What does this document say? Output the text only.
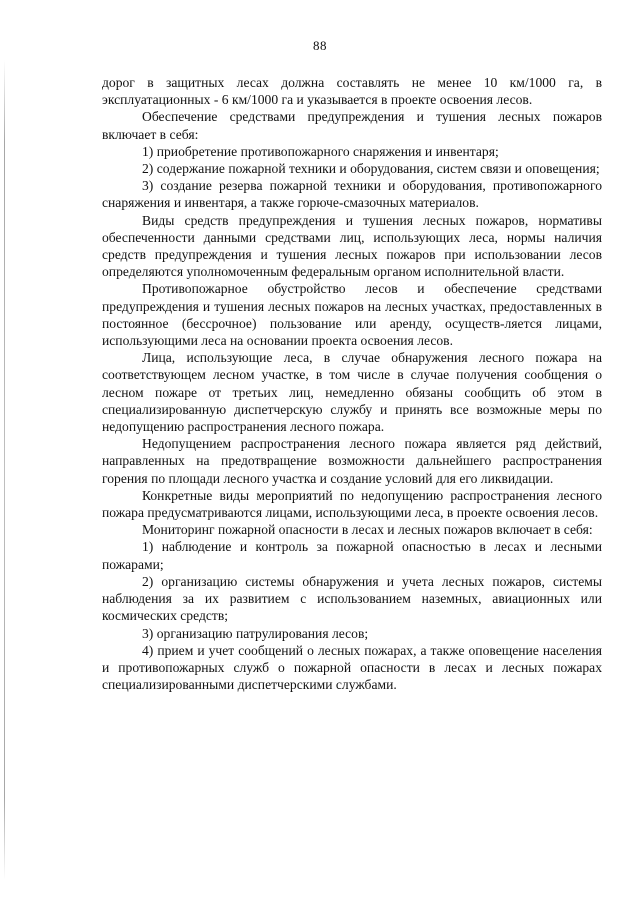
88

дорог в защитных лесах должна составлять не менее 10 км/1000 га, в эксплуатационных - 6 км/1000 га и указывается в проекте освоения лесов.

Обеспечение средствами предупреждения и тушения лесных пожаров включает в себя:

1) приобретение противопожарного снаряжения и инвентаря;

2) содержание пожарной техники и оборудования, систем связи и оповещения;

3) создание резерва пожарной техники и оборудования, противопожарного снаряжения и инвентаря, а также горюче-смазочных материалов.

Виды средств предупреждения и тушения лесных пожаров, нормативы обеспеченности данными средствами лиц, использующих леса, нормы наличия средств предупреждения и тушения лесных пожаров при использовании лесов определяются уполномоченным федеральным органом исполнительной власти.

Противопожарное обустройство лесов и обеспечение средствами предупреждения и тушения лесных пожаров на лесных участках, предоставленных в постоянное (бессрочное) пользование или аренду, осуществ-ляется лицами, использующими леса на основании проекта освоения лесов.

Лица, использующие леса, в случае обнаружения лесного пожара на соответствующем лесном участке, в том числе в случае получения сообщения о лесном пожаре от третьих лиц, немедленно обязаны сообщить об этом в специализированную диспетчерскую службу и принять все возможные меры по недопущению распространения лесного пожара.

Недопущением распространения лесного пожара является ряд действий, направленных на предотвращение возможности дальнейшего распространения горения по площади лесного участка и создание условий для его ликвидации.

Конкретные виды мероприятий по недопущению распространения лесного пожара предусматриваются лицами, использующими леса, в проекте освоения лесов.

Мониторинг пожарной опасности в лесах и лесных пожаров включает в себя:

1) наблюдение и контроль за пожарной опасностью в лесах и лесными пожарами;

2) организацию системы обнаружения и учета лесных пожаров, системы наблюдения за их развитием с использованием наземных, авиационных или космических средств;

3) организацию патрулирования лесов;

4) прием и учет сообщений о лесных пожарах, а также оповещение населения и противопожарных служб о пожарной опасности в лесах и лесных пожарах специализированными диспетчерскими службами.
